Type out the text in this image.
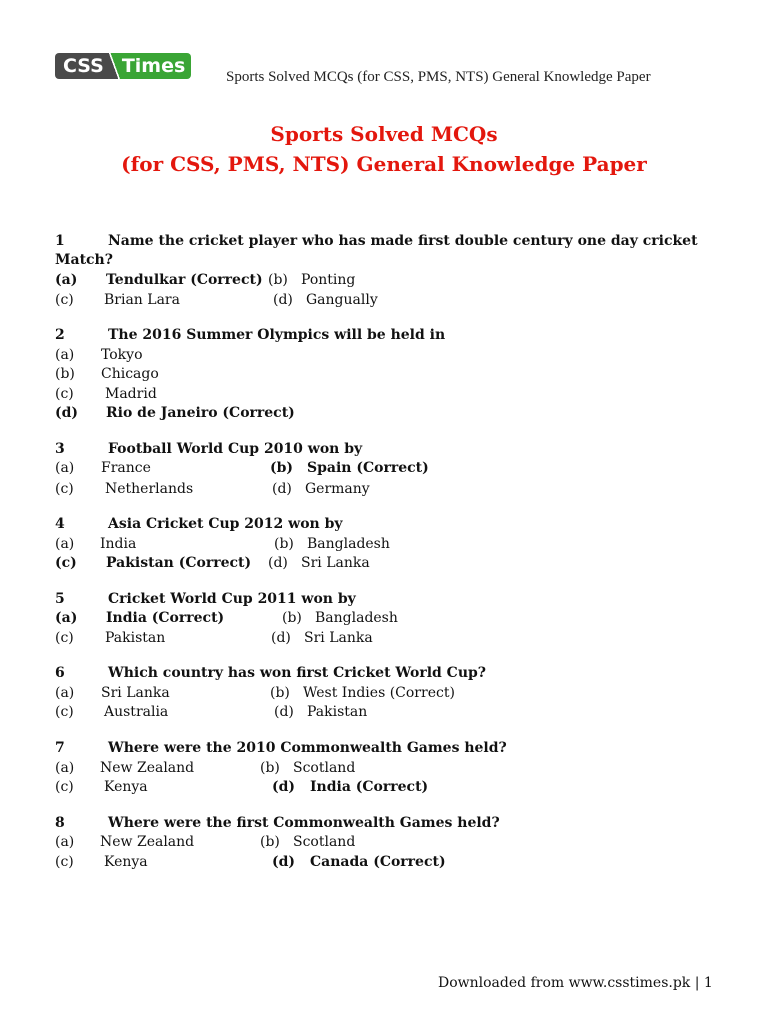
CSS Times	Sports Solved MCQs (for CSS, PMS, NTS) General Knowledge Paper
Sports Solved MCQs
(for CSS, PMS, NTS) General Knowledge Paper
1	Name the cricket player who has made first double century one day cricket
Match?
(a) Tendulkar (Correct) (b) Ponting
(c) Brian Lara	(d) Gangually
2	The 2016 Summer Olympics will be held in
(a) Tokyo
(b) Chicago
(c) Madrid
(d) Rio de Janeiro (Correct)
3	Football World Cup 2010 won by
(a) France	(b) Spain (Correct)
(c) Netherlands	(d) Germany
4	Asia Cricket Cup 2012 won by
(a) India	(b) Bangladesh
(c) Pakistan (Correct) (d) Sri Lanka
5	Cricket World Cup 2011 won by
(a) India (Correct)	(b) Bangladesh
(c) Pakistan	(d) Sri Lanka
6	Which country has won first Cricket World Cup?
(a) Sri Lanka	(b) West Indies (Correct)
(c) Australia	(d) Pakistan
7	Where were the 2010 Commonwealth Games held?
(a) New Zealand	(b) Scotland
(c) Kenya	(d) India (Correct)
8	Where were the first Commonwealth Games held?
(a) New Zealand	(b) Scotland
(c) Kenya	(d) Canada (Correct)
Downloaded from www.csstimes.pk | 1
